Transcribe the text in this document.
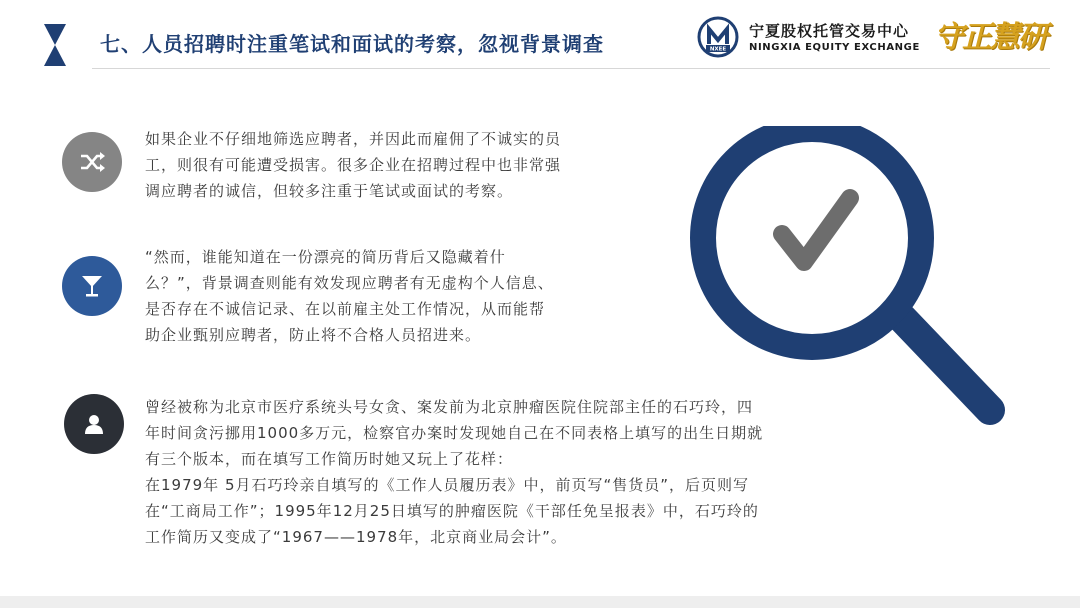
七、人员招聘时注重笔试和面试的考察，忽视背景调查	NXEE
宁夏股权托管交易中心
NINGXIA EQUITY EXCHANGE 守正慧研
如果企业不仔细地筛选应聘者，并因此而雇佣了不诚实的员
工，则很有可能遭受损害。很多企业在招聘过程中也非常强
调应聘者的诚信，但较多注重于笔试或面试的考察。
“然而，谁能知道在一份漂亮的简历背后又隐藏着什
么？”，背景调查则能有效发现应聘者有无虚构个人信息、
是否存在不诚信记录、在以前雇主处工作情况，从而能帮
助企业甄别应聘者，防止将不合格人员招进来。
曾经被称为北京市医疗系统头号女贪、案发前为北京肿瘤医院住院部主任的石巧玲，四
年时间贪污挪用1000多万元，检察官办案时发现她自己在不同表格上填写的出生日期就
有三个版本，而在填写工作简历时她又玩上了花样：
在1979年 5月石巧玲亲自填写的《工作人员履历表》中，前页写“售货员”，后页则写
在“工商局工作”；1995年12月25日填写的肿瘤医院《干部任免呈报表》中，石巧玲的
工作简历又变成了“1967——1978年，北京商业局会计”。
